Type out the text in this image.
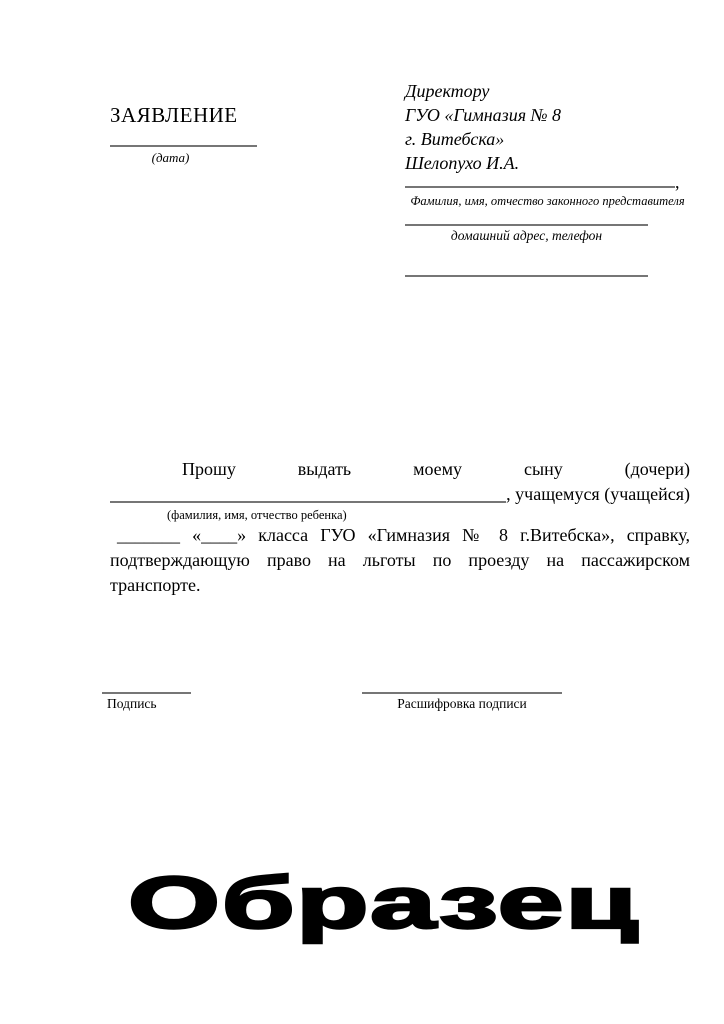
ЗАЯВЛЕНИЕ
(дата)
Директору
ГУО «Гимназия № 8
г. Витебска»
Шелопухо И.А.
,
Фамилия, имя, отчество законного представителя
домашний адрес, телефон
Прошу выдать моему сыну (дочери)
, учащемуся (учащейся)
(фамилия, имя, отчество ребенка)
_______ «____» класса ГУО «Гимназия № 8 г.Витебска», справку,
подтверждающую право на льготы по проезду на пассажирском
транспорте.
Подпись	Расшифровка подписи
Образец
